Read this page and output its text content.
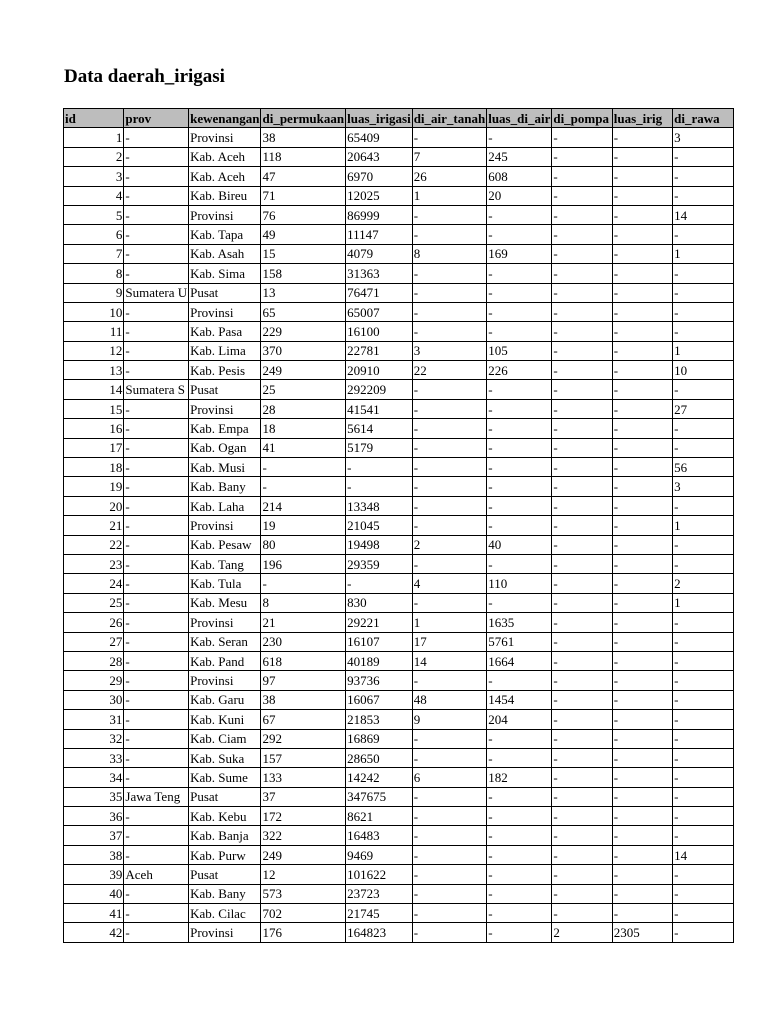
Data daerah_irigasi
id	prov	kewenangan	di_permukaan	luas_irigasi	di_air_tanah	luas_di_air	di_pompa	luas_irig	di_rawa
1	-	Provinsi	38	65409	-	-	-	-	3
2	-	Kab. Aceh	118	20643	7	245	-	-	-
3	-	Kab. Aceh	47	6970	26	608	-	-	-
4	-	Kab. Bireu	71	12025	1	20	-	-	-
5	-	Provinsi	76	86999	-	-	-	-	14
6	-	Kab. Tapa	49	11147	-	-	-	-	-
7	-	Kab. Asah	15	4079	8	169	-	-	1
8	-	Kab. Sima	158	31363	-	-	-	-	-
9	Sumatera U	Pusat	13	76471	-	-	-	-	-
10	-	Provinsi	65	65007	-	-	-	-	-
11	-	Kab. Pasa	229	16100	-	-	-	-	-
12	-	Kab. Lima	370	22781	3	105	-	-	1
13	-	Kab. Pesis	249	20910	22	226	-	-	10
14	Sumatera S	Pusat	25	292209	-	-	-	-	-
15	-	Provinsi	28	41541	-	-	-	-	27
16	-	Kab. Empa	18	5614	-	-	-	-	-
17	-	Kab. Ogan	41	5179	-	-	-	-	-
18	-	Kab. Musi	-	-	-	-	-	-	56
19	-	Kab. Bany	-	-	-	-	-	-	3
20	-	Kab. Laha	214	13348	-	-	-	-	-
21	-	Provinsi	19	21045	-	-	-	-	1
22	-	Kab. Pesaw	80	19498	2	40	-	-	-
23	-	Kab. Tang	196	29359	-	-	-	-	-
24	-	Kab. Tula	-	-	4	110	-	-	2
25	-	Kab. Mesu	8	830	-	-	-	-	1
26	-	Provinsi	21	29221	1	1635	-	-	-
27	-	Kab. Seran	230	16107	17	5761	-	-	-
28	-	Kab. Pand	618	40189	14	1664	-	-	-
29	-	Provinsi	97	93736	-	-	-	-	-
30	-	Kab. Garu	38	16067	48	1454	-	-	-
31	-	Kab. Kuni	67	21853	9	204	-	-	-
32	-	Kab. Ciam	292	16869	-	-	-	-	-
33	-	Kab. Suka	157	28650	-	-	-	-	-
34	-	Kab. Sume	133	14242	6	182	-	-	-
35	Jawa Teng	Pusat	37	347675	-	-	-	-	-
36	-	Kab. Kebu	172	8621	-	-	-	-	-
37	-	Kab. Banja	322	16483	-	-	-	-	-
38	-	Kab. Purw	249	9469	-	-	-	-	14
39	Aceh	Pusat	12	101622	-	-	-	-	-
40	-	Kab. Bany	573	23723	-	-	-	-	-
41	-	Kab. Cilac	702	21745	-	-	-	-	-
42	-	Provinsi	176	164823	-	-	2	2305	-
